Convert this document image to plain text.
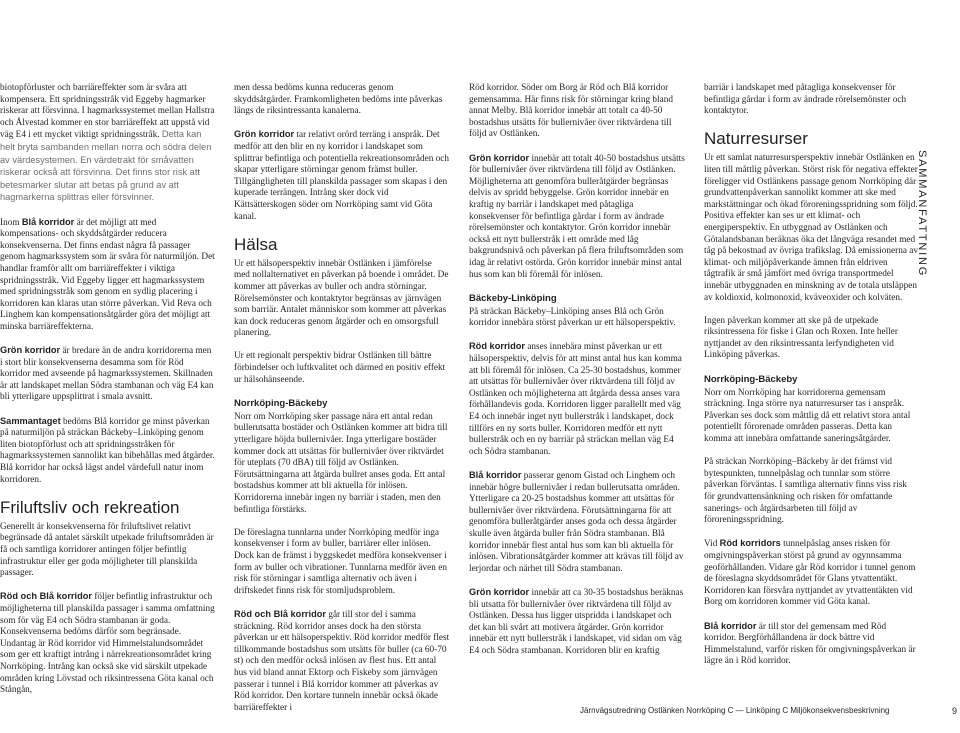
biotopförluster och barriäreffekter som är svåra att kompensera. Ett spridningsstråk vid Eggeby hagmarker riskerar att försvinna. I hagmarkssystemet mellan Hallstra och Ålvestad kommer en stor barriäreffekt att uppstå vid väg E4 i ett mycket viktigt spridningsstråk. Detta kan helt bryta sambanden mellan norra och södra delen av värdesystemen. En värdetrakt för småvatten riskerar också att försvinna. Det finns stor risk att betesmarker slutar att betas på grund av att hagmarkerna splittras eller försvinner.

Inom Blå korridor är det möjligt att med kompensations- och skyddsåtgärder reducera konsekvenserna. Det finns endast några få passager genom hagmarkssystem som är svåra för naturmiljön. Det handlar framför allt om barriäreffekter i viktiga spridningsstråk. Vid Eggeby ligger ett hagmarkssystem med spridningsstråk som genom en sydlig placering i korridoren kan klaras utan större påverkan. Vid Reva och Linghem kan kompensationsåtgärder göra det möjligt att minska barriäreffekterna.

Grön korridor är bredare än de andra korridorerna men i stort blir konsekvenserna desamma som för Röd korridor med avseende på hagmarkssystemen. Skillnaden är att landskapet mellan Södra stambanan och väg E4 kan bli ytterligare uppsplittrat i smala avsnitt.

Sammantaget bedöms Blå korridor ge minst påverkan på naturmiljön på sträckan Bäckeby–Linköping genom liten biotopförlust och att spridningsstråken för hagmarkssystemen sannolikt kan bibehållas med åtgärder. Blå korridor har också lägst andel värdefull natur inom korridoren.

Friluftsliv och rekreation

Generellt är konsekvenserna för friluftslivet relativt begränsade då antalet särskilt utpekade friluftsområden är få och samtliga korridorer antingen följer befintlig infrastruktur eller ger goda möjligheter till planskilda passager.

Röd och Blå korridor följer befintlig infrastruktur och möjligheterna till planskilda passager i samma omfattning som för väg E4 och Södra stambanan är goda. Konsekvenserna bedöms därför som begränsade. Undantag är Röd korridor vid Himmelstalundsområdet som ger ett kraftigt intrång i närrekreationsområdet kring Norrköping. Intrång kan också ske vid särskilt utpekade områden kring Lövstad och riksintressena Göta kanal och Stångån,

men dessa bedöms kunna reduceras genom skyddsåtgärder. Framkomligheten bedöms inte påverkas längs de riksintressanta kanalerna.

Grön korridor tar relativt orörd terräng i anspråk. Det medför att den blir en ny korridor i landskapet som splittrar befintliga och potentiella rekreationsområden och skapar ytterligare störningar genom främst buller. Tillgängligheten till planskilda passager som skapas i den kuperade terrängen. Intrång sker dock vid Kättsätterskogen söder om Norrköping samt vid Göta kanal.

Hälsa

Ur ett hälsoperspektiv innebär Ostlänken i jämförelse med nollalternativet en påverkan på boende i området. De kommer att påverkas av buller och andra störningar. Rörelsemönster och kontaktytor begränsas av järnvägen som barriär. Antalet människor som kommer att påverkas kan dock reduceras genom åtgärder och en omsorgsfull planering.

Ur ett regionalt perspektiv bidrar Ostlänken till bättre förbindelser och luftkvalitet och därmed en positiv effekt ur hälsohänseende.

Norrköping-Bäckeby

Norr om Norrköping sker passage nära ett antal redan bullerutsatta bostäder och Ostlänken kommer att bidra till ytterligare höjda bullernivåer. Inga ytterligare bostäder kommer dock att utsättas för bullernivåer över riktvärdet för uteplats (70 dBA) till följd av Ostlänken. Förutsättningarna att åtgärda bullret anses goda. Ett antal bostadshus kommer att bli aktuella för inlösen. Korridorerna innebär ingen ny barriär i staden, men den befintliga förstärks.

De föreslagna tunnlarna under Norrköping medför inga konsekvenser i form av buller, barriärer eller inlösen. Dock kan de främst i byggskedet medföra konsekvenser i form av buller och vibrationer. Tunnlarna medför även en risk för störningar i samtliga alternativ och även i driftskedet finns risk för stomljudsproblem.

Röd och Blå korridor går till stor del i samma sträckning. Röd korridor anses dock ha den största påverkan ur ett hälsoperspektiv. Röd korridor medför flest tillkommande bostadshus som utsätts för buller (ca 60-70 st) och den medför också inlösen av flest hus. Ett antal hus vid bland annat Ektorp och Fiskeby som järnvägen passerar i tunnel i Blå korridor kommer att påverkas av Röd korridor. Den kortare tunneln innebär också ökade barriäreffekter i

Röd korridor. Söder om Borg är Röd och Blå korridor gemensamma. Här finns risk för störningar kring bland annat Melby. Blå korridor innebär att totalt ca 40-50 bostadshus utsätts för bullernivåer över riktvärdena till följd av Ostlänken.

Grön korridor innebär att totalt 40-50 bostadshus utsätts för bullernivåer över riktvärdena till följd av Ostlänken. Möjligheterna att genomföra bulleråtgärder begränsas delvis av spridd bebyggelse. Grön korridor innebär en kraftig ny barriär i landskapet med påtagliga konsekvenser för befintliga gårdar i form av ändrade rörelsemönster och kontaktytor. Grön korridor innebär också ett nytt bullerstråk i ett område med låg bakgrundsnivå och påverkan på flera friluftsområden som idag är relativt ostörda. Grön korridor innebär minst antal hus som kan bli föremål för inlösen.

Bäckeby-Linköping

På sträckan Bäckeby–Linköping anses Blå och Grön korridor innebära störst påverkan ur ett hälsoperspektiv.

Röd korridor anses innebära minst påverkan ur ett hälsoperspektiv, delvis för att minst antal hus kan komma att bli föremål för inlösen. Ca 25-30 bostadshus, kommer att utsättas för bullernivåer över riktvärdena till följd av Ostlänken och möjligheterna att åtgärda dessa anses vara förhållandevis goda. Korridoren ligger parallellt med väg E4 och innebär inget nytt bullerstråk i landskapet, dock tillförs en ny sorts buller. Korridoren medför ett nytt bullerstråk och en ny barriär på sträckan mellan väg E4 och Södra stambanan.

Blå korridor passerar genom Gistad och Linghem och innebär högre bullernivåer i redan bullerutsatta områden. Ytterligare ca 20-25 bostadshus kommer att utsättas för bullernivåer över riktvärdena. Förutsättningarna för att genomföra bulleråtgärder anses goda och dessa åtgärder skulle även åtgärda buller från Södra stambanan. Blå korridor innebär flest antal hus som kan bli aktuella för inlösen. Vibrationsåtgärder kommer att krävas till följd av lerjordar och närhet till Södra stambanan.

Grön korridor innebär att ca 30-35 bostadshus beräknas bli utsatta för bullernivåer över riktvärdena till följd av Ostlänken. Dessa hus ligger utspridda i landskapet och det kan bli svårt att motivera åtgärder. Grön korridor innebär ett nytt bullerstråk i landskapet, vid sidan om väg E4 och Södra stambanan. Korridoren blir en kraftig

barriär i landskapet med påtagliga konsekvenser för befintliga gårdar i form av ändrade rörelsemönster och kontaktytor.

Naturresurser

Ur ett samlat naturresursperspektiv innebär Ostlänken en liten till måttlig påverkan. Störst risk för negativa effekter föreligger vid Ostlänkens passage genom Norrköping där grundvattenpåverkan sannolikt kommer att ske med markstättningar och ökad föroreningsspridning som följd. Positiva effekter kan ses ur ett klimat- och energiperspektiv. En utbyggnad av Ostlänken och Götalandsbanan beräknas öka det långväga resandet med tåg på bekostnad av övriga trafikslag. Då emissionerna av klimat- och miljöpåverkande ämnen från eldriven tågtrafik är små jämfört med övriga transportmedel innebär utbyggnaden en minskning av de totala utsläppen av koldioxid, kolmonoxid, kväveoxider och kolväten.

Ingen påverkan kommer att ske på de utpekade riksintressena för fiske i Glan och Roxen. Inte heller nyttjandet av den riksintressanta lerfyndigheten vid Linköping påverkas.

Norrköping-Bäckeby

Norr om Norrköping har korridorerna gemensam sträckning. Inga större nya naturresurser tas i anspråk. Påverkan ses dock som måttlig då ett relativt stora antal potentiellt förorenade områden passeras. Detta kan komma att innebära omfattande saneringsåtgärder.

På sträckan Norrköping–Bäckeby är det främst vid bytespunkten, tunnelpåslag och tunnlar som större påverkan förväntas. I samtliga alternativ finns viss risk för grundvattensänkning och risken för omfattande sanerings- och åtgärdsarbeten till följd av föroreningsspridning.

Vid Röd korridors tunnelpåslag anses risken för omgivningspåverkan störst på grund av ogynnsamma geoförhållanden. Vidare går Röd korridor i tunnel genom de föreslagna skyddsområdet för Glans ytvattentäkt. Korridoren kan försvåra nyttjandet av ytvattentäkten vid Borg om korridoren kommer vid Göta kanal.

Blå korridor är till stor del gemensam med Röd korridor. Bergförhållandena är dock bättre vid Himmelstalund, varför risken för omgivningspåverkan är lägre än i Röd korridor.

SAMMANFATTNING
Järnvägsutredning Ostlänken Norrköping C — Linköping C Miljökonsekvensbeskrivning	9
